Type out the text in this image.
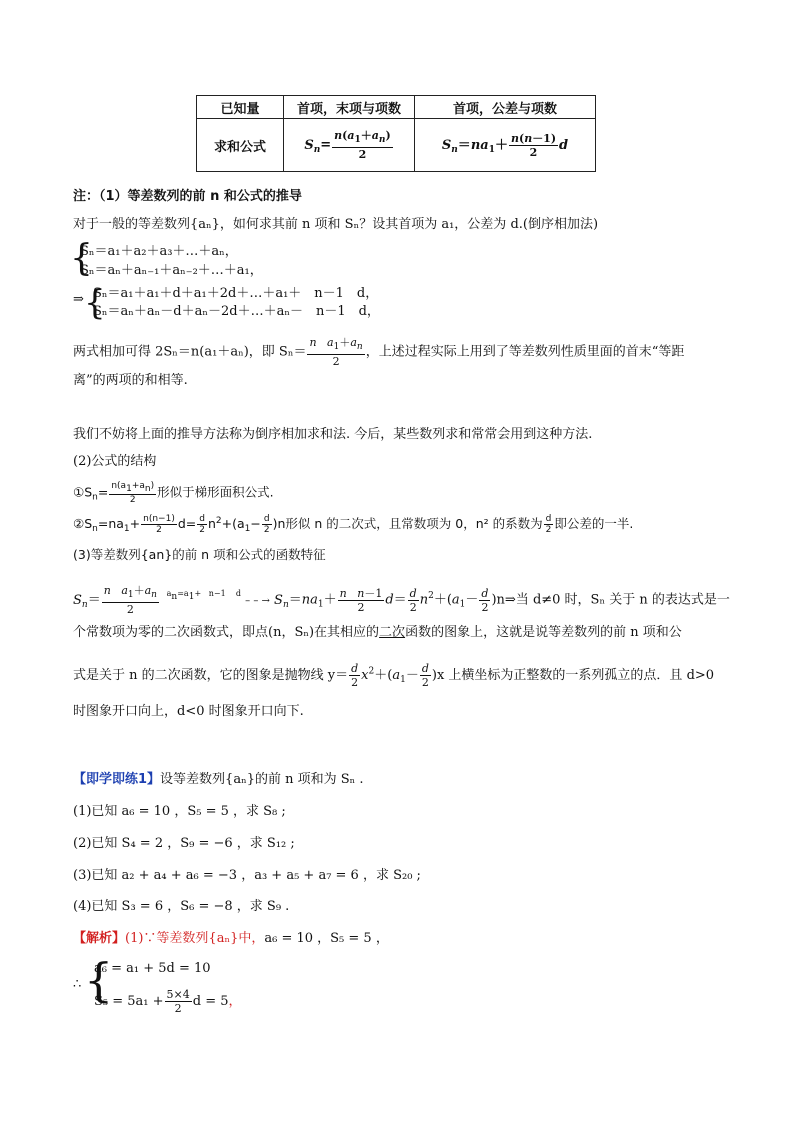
已知量	首项，末项与项数	首项，公差与项数
求和公式	$S_n= \frac{n(a_1+a_n)}{2}$	$S_n=na_1+ \frac{n(n-1)}{2}$ d
注：（1）等差数列的前 n 和公式的推导
对于一般的等差数列{aₙ}，如何求其前 n 项和 Sₙ？设其首项为 a₁，公差为 d.(倒序相加法)
{
Sₙ＝a₁＋a₂＋a₃＋…＋aₙ，
Sₙ＝aₙ＋aₙ₋₁＋aₙ₋₂＋…＋a₁，
⇒ {
Sₙ＝a₁＋a₁＋d＋a₁＋2d＋…＋a₁＋　n－1　d，
Sₙ＝aₙ＋aₙ－d＋aₙ－2d＋…＋aₙ－　n－1　d，
两式相加可得 2Sₙ＝n(a₁＋aₙ)，即 $S_n= \frac{n a_1+a_n}{2}$ ，上述过程实际上用到了等差数列性质里面的首末“等距
离”的两项的和相等.
我们不妨将上面的推导方法称为倒序相加求和法. 今后，某些数列求和常常会用到这种方法.
(2)公式的结构
$①S_n= \frac{n(a_1+a_n)}{2}$ 形似于梯形面积公式.
$②S_n=na_1+ \frac{n(n-1)}{2} d= \frac{d}{2} n^2+(a_1- \frac{d}{2} )n$形似 n 的二次式，且常数项为 0，n² 的系数为 $\frac{d}{2}$ 即公差的一半.
(3)等差数列{an}的前 n 项和公式的函数特征
$S_n= \frac{n a_1+a_n}{2} ^{a_n=a_1+ n-1 d}$ – – → $S_n=na_1+ \frac{\text{n n－1}}{2} d= \frac{d}{2} n^2+(a_1- \frac{d}{2}$ )n⇒当 d≠0 时，Sₙ 关于 n 的表达式是一
个常数项为零的二次函数式，即点(n，Sₙ)在其相应的二次函数的图象上，这就是说等差数列的前 n 项和公
式是关于 n 的二次函数，它的图象是抛物线 $y= \frac{d}{2} x^2+(a_1- \frac{d}{2} )x$ 上横坐标为正整数的一系列孤立的点．且 d>0
时图象开口向上，d<0 时图象开口向下.
【即学即练1】设等差数列{aₙ}的前 n 项和为 Sₙ .
(1)已知 a₆ = 10 ，S₅ = 5 ，求 S₈ ;
(2)已知 S₄ = 2 ，S₉ = −6 ，求 S₁₂ ;
(3)已知 a₂ + a₄ + a₆ = −3 ，a₃ + a₅ + a₇ = 6 ，求 S₂₀ ;
(4)已知 S₃ = 6 ，S₆ = −8 ，求 S₉ .
【解析】(1)∵等差数列{aₙ}中，a₆ = 10 ，S₅ = 5 ，
∴ {
a₆ = a₁ + 5d = 10
$S_5 = 5a_1 + \frac{5\times 4}{2}$ d = 5，
